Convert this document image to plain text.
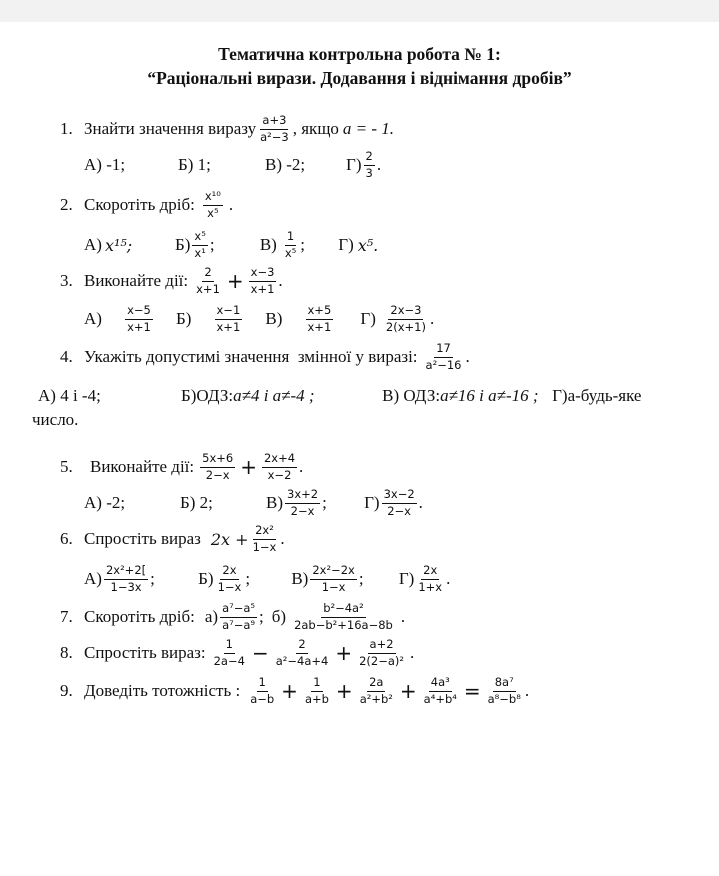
Тематична контрольна робота № 1:
“Раціональні вирази. Додавання і віднімання дробів”
1. Знайти значення виразу $\frac{a+3}{\text{a²−3}}$ , якщо a = - 1.
А) -1;	Б) 1;	В) -2;	$Г) \frac{2}{3}$ .
2. Скоротіть дріб: $\frac{\text{x¹⁰}}{\text{x⁵}}$ .
А) x¹⁵;	$Б) \frac{\text{x⁵}}{\text{x¹}}$ ;	$В) \frac{1}{\text{x⁵}}$ ;	Г) x⁵.
3. Виконайте дії: $\frac{2}{x+1} + \frac{x-3}{x+1}$ .
$А) \frac{x-5}{x+1} Б) \frac{x-1}{x+1} В) \frac{x+5}{x+1} Г) \frac{2x-3}{2(x+1)}$ .
4. Укажіть допустимі значення  змінної у виразі: $\frac{17}{\text{a²−16}}$ .
А) 4 і -4;	Б)ОДЗ: a≠4 і a≠-4 ;	В) ОДЗ: a≠16 і a≠-16 ; Г) a-будь-яке
число.
5.	Виконайте дії: $\frac{5x+6}{2-x} + \frac{2x+4}{x-2}$ .
А) -2;	Б) 2;	$В) \frac{3x+2}{2-x}$ ;	$Г) \frac{3x-2}{2-x}$ .
6. Спростіть вираз $2x + \frac{\text{2x²}}{1-x}$ .
$А) \frac{\text{2x²+2[}}{1-3x}$ ;	$Б) \frac{2x}{1-x}$ ;	$В) \frac{\text{2x²−2x}}{1-x}$ ;	$Г) \frac{2x}{1+x}$ .
7. Скоротіть дріб: $а) \frac{\text{a⁷−a⁵}}{\text{a⁷−a⁹}}$ ; $б) \frac{\text{b²−4a²}}{\text{2ab−b²+16a−8b}}$ .
8. Спростіть вираз: $\frac{1}{2a-4} - \frac{2}{\text{a²−4a+4}} + \frac{a+2}{\text{2(2−a)²}}$ .
9. Доведіть тотожність : $\frac{1}{a-b} + \frac{1}{a+b} + \frac{2a}{\text{a²+b²}} + \frac{\text{4a³}}{\text{a⁴+b⁴}} = \frac{\text{8a⁷}}{\text{a⁸−b⁸}}$ .
